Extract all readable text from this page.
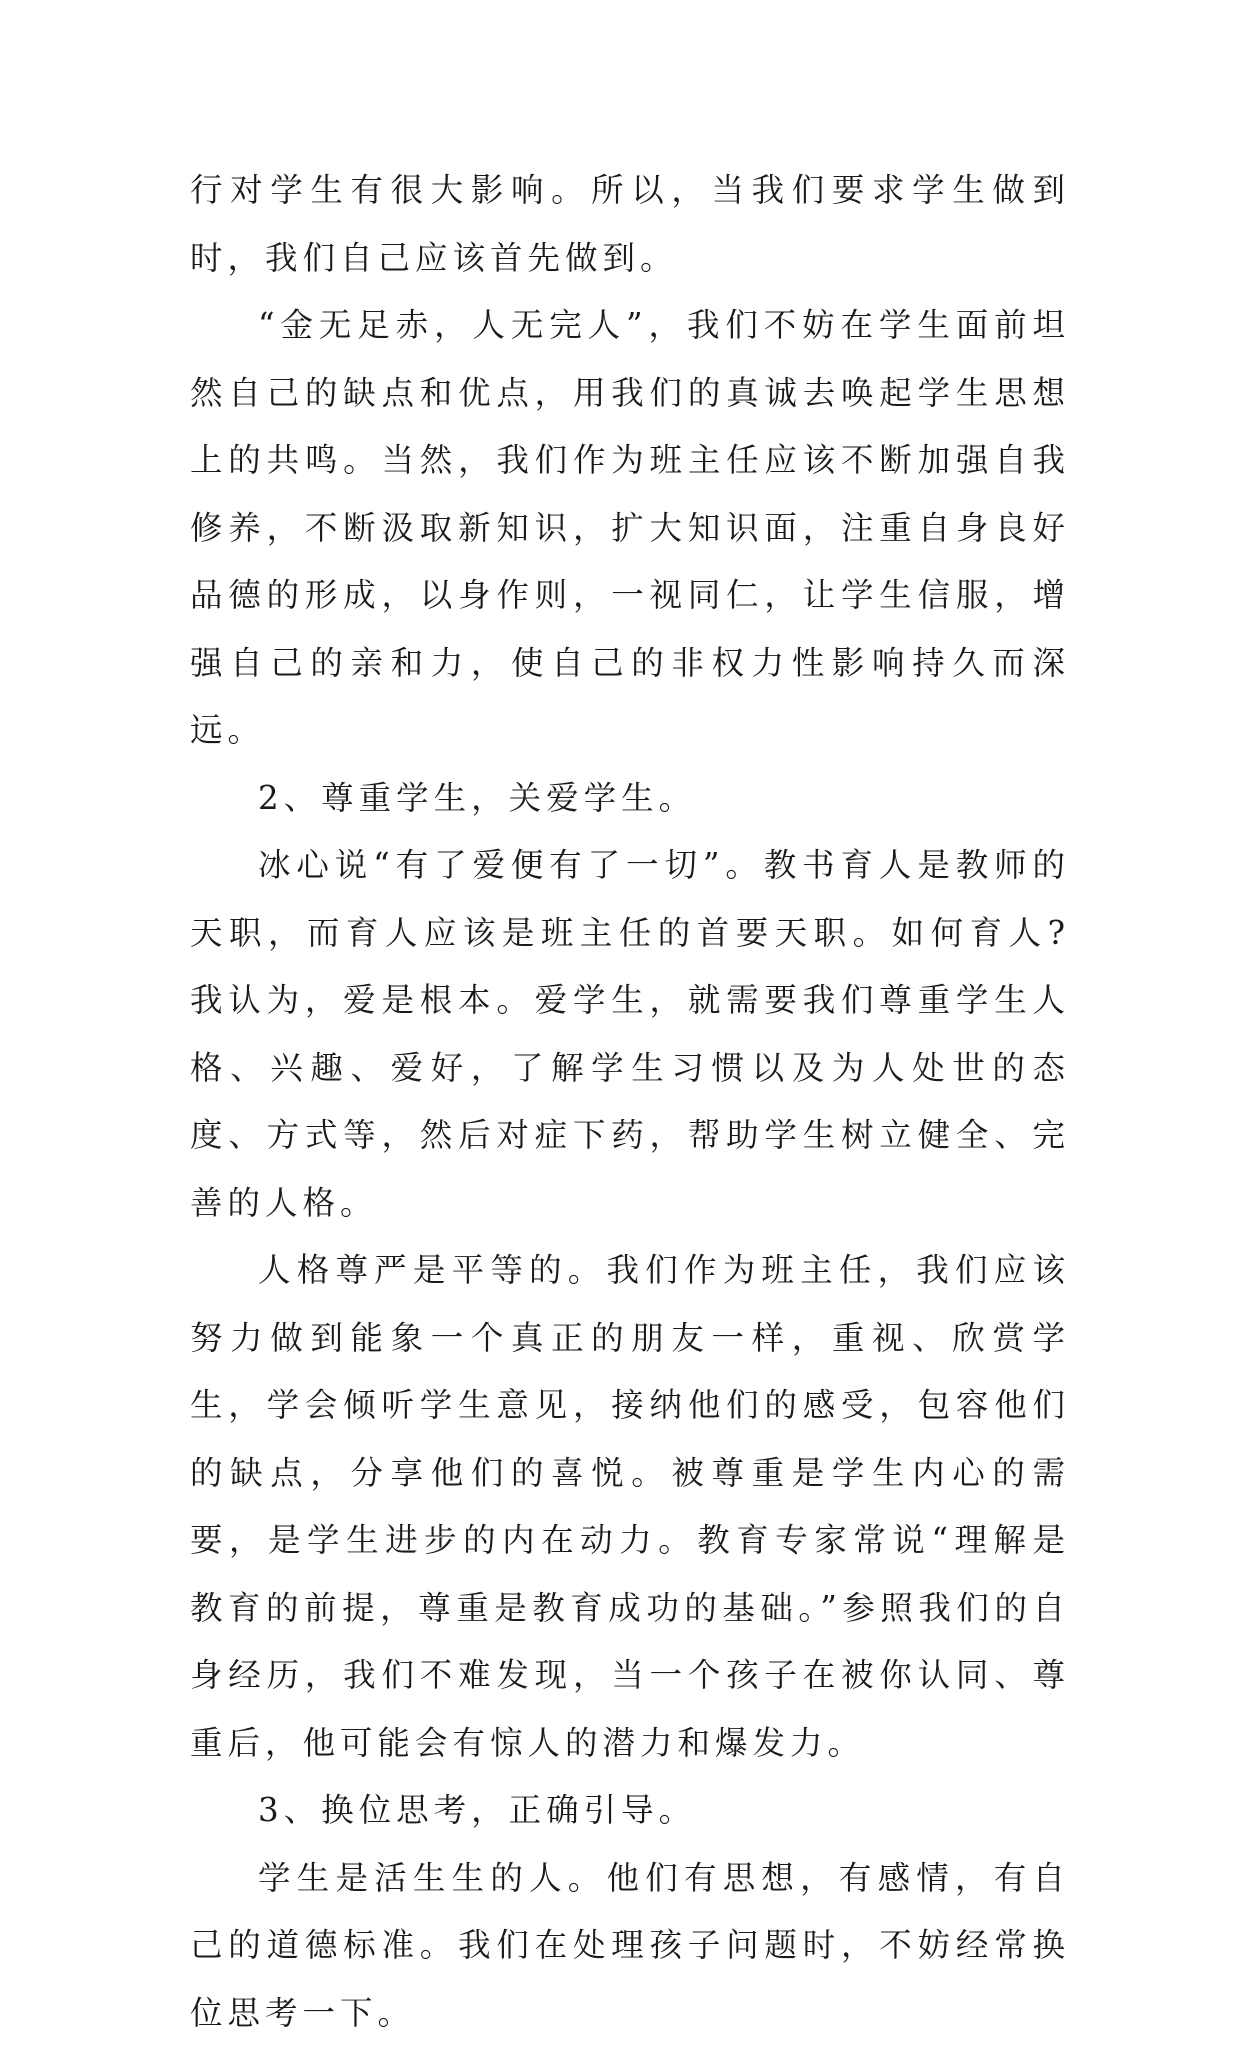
行对学生有很大影响。所以，当我们要求学生做到时，我们自己应该首先做到。

“金无足赤，人无完人”，我们不妨在学生面前坦然自己的缺点和优点，用我们的真诚去唤起学生思想上的共鸣。当然，我们作为班主任应该不断加强自我修养，不断汲取新知识，扩大知识面，注重自身良好品德的形成，以身作则，一视同仁，让学生信服，增强自己的亲和力，使自己的非权力性影响持久而深远。

2、尊重学生，关爱学生。

冰心说“有了爱便有了一切”。教书育人是教师的天职，而育人应该是班主任的首要天职。如何育人?我认为，爱是根本。爱学生，就需要我们尊重学生人格、兴趣、爱好，了解学生习惯以及为人处世的态度、方式等，然后对症下药，帮助学生树立健全、完善的人格。

人格尊严是平等的。我们作为班主任，我们应该努力做到能象一个真正的朋友一样，重视、欣赏学生，学会倾听学生意见，接纳他们的感受，包容他们的缺点，分享他们的喜悦。被尊重是学生内心的需要，是学生进步的内在动力。教育专家常说“理解是教育的前提，尊重是教育成功的基础。”参照我们的自身经历，我们不难发现，当一个孩子在被你认同、尊重后，他可能会有惊人的潜力和爆发力。

3、换位思考，正确引导。

学生是活生生的人。他们有思想，有感情，有自己的道德标准。我们在处理孩子问题时，不妨经常换位思考一下。
